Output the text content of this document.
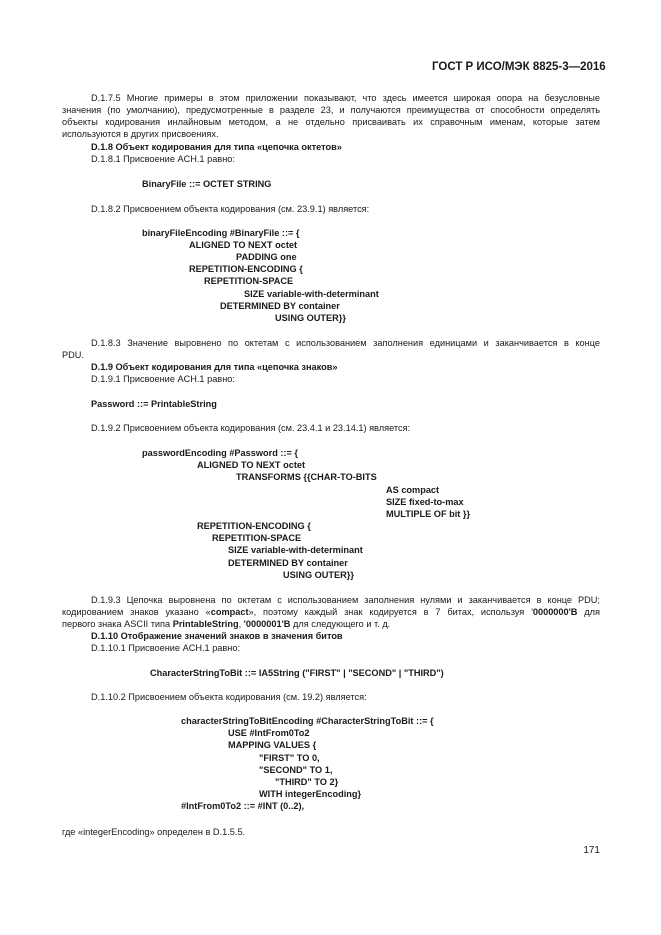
ГОСТ Р ИСО/МЭК 8825-3—2016
D.1.7.5 Многие примеры в этом приложении показывают, что здесь имеется широкая опора на безусловные
значения (по умолчанию), предусмотренные в разделе 23, и получаются преимущества от способности определять
объекты кодирования инлайновым методом, а не отдельно присваивать их справочным именам, которые затем
используются в других присвоениях.
D.1.8 Объект кодирования для типа «цепочка октетов»
D.1.8.1 Присвоение ACH.1 равно:
BinaryFile ::= OCTET STRING
D.1.8.2 Присвоением объекта кодирования (см. 23.9.1) является:
binaryFileEncoding #BinaryFile ::= {
ALIGNED TO NEXT octet
PADDING one
REPETITION-ENCODING {
REPETITION-SPACE
SIZE variable-with-determinant
DETERMINED BY container
USING OUTER}}
D.1.8.3 Значение выровнено по октетам с использованием заполнения единицами и заканчивается в конце
PDU.
D.1.9 Объект кодирования для типа «цепочка знаков»
D.1.9.1 Присвоение ACH.1 равно:
Password ::= PrintableString
D.1.9.2 Присвоением объекта кодирования (см. 23.4.1 и 23.14.1) является:
passwordEncoding #Password ::= {
ALIGNED TO NEXT octet
TRANSFORMS {{CHAR-TO-BITS
AS compact
SIZE fixed-to-max
MULTIPLE OF bit }}
REPETITION-ENCODING {
REPETITION-SPACE
SIZE variable-with-determinant
DETERMINED BY container
USING OUTER}}
D.1.9.3 Цепочка выровнена по октетам с использованием заполнения нулями и заканчивается в конце PDU;
кодированием знаков указано «compact», поэтому каждый знак кодируется в 7 битах, используя '0000000'B для
первого знака ASCII типа PrintableString, '0000001'B для следующего и т. д.
D.1.10 Отображение значений знаков в значения битов
D.1.10.1 Присвоение ACH.1 равно:
CharacterStringToBit ::= IA5String ("FIRST" | "SECOND" | "THIRD")
D.1.10.2 Присвоением объекта кодирования (см. 19.2) является:
characterStringToBitEncoding #CharacterStringToBit ::= {
USE #IntFrom0To2
MAPPING VALUES {
"FIRST" TO 0,
"SECOND" TO 1,
"THIRD" TO 2}
WITH integerEncoding}
#IntFrom0To2 ::= #INT (0..2),
где «integerEncoding» определен в D.1.5.5.
171
